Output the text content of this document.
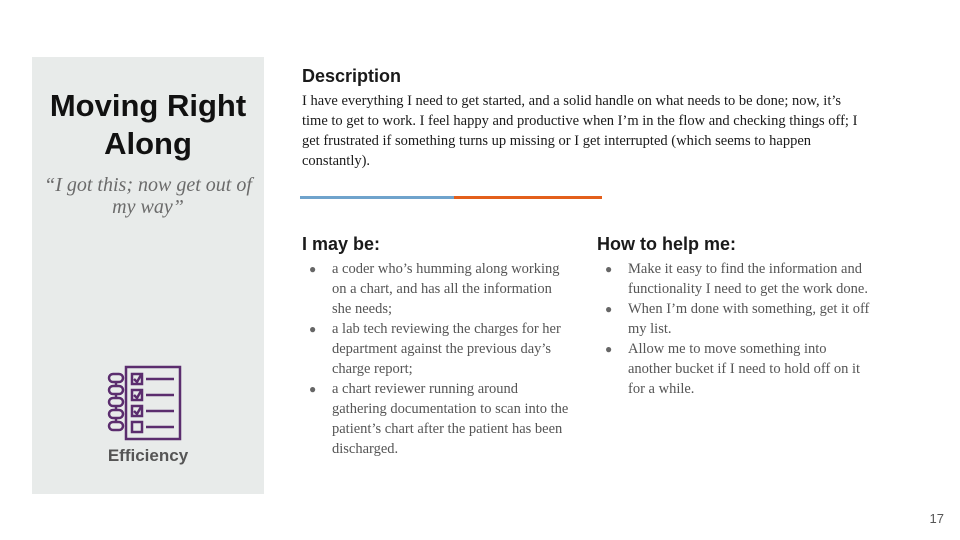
Moving Right Along
“I got this; now get out of my way”
Efficiency
Description
I have everything I need to get started, and a solid handle on what needs to be done; now, it’s time to get to work. I feel happy and productive when I’m in the flow and checking things off; I get frustrated if something turns up missing or I get interrupted (which seems to happen constantly).
I may be:
● a coder who’s humming along working on a chart, and has all the information she needs;
● a lab tech reviewing the charges for her department against the previous day’s charge report;
● a chart reviewer running around gathering documentation to scan into the patient’s chart after the patient has been discharged.
How to help me:
● Make it easy to find the information and functionality I need to get the work done.
● When I’m done with something, get it off my list.
● Allow me to move something into another bucket if I need to hold off on it for a while.
17
